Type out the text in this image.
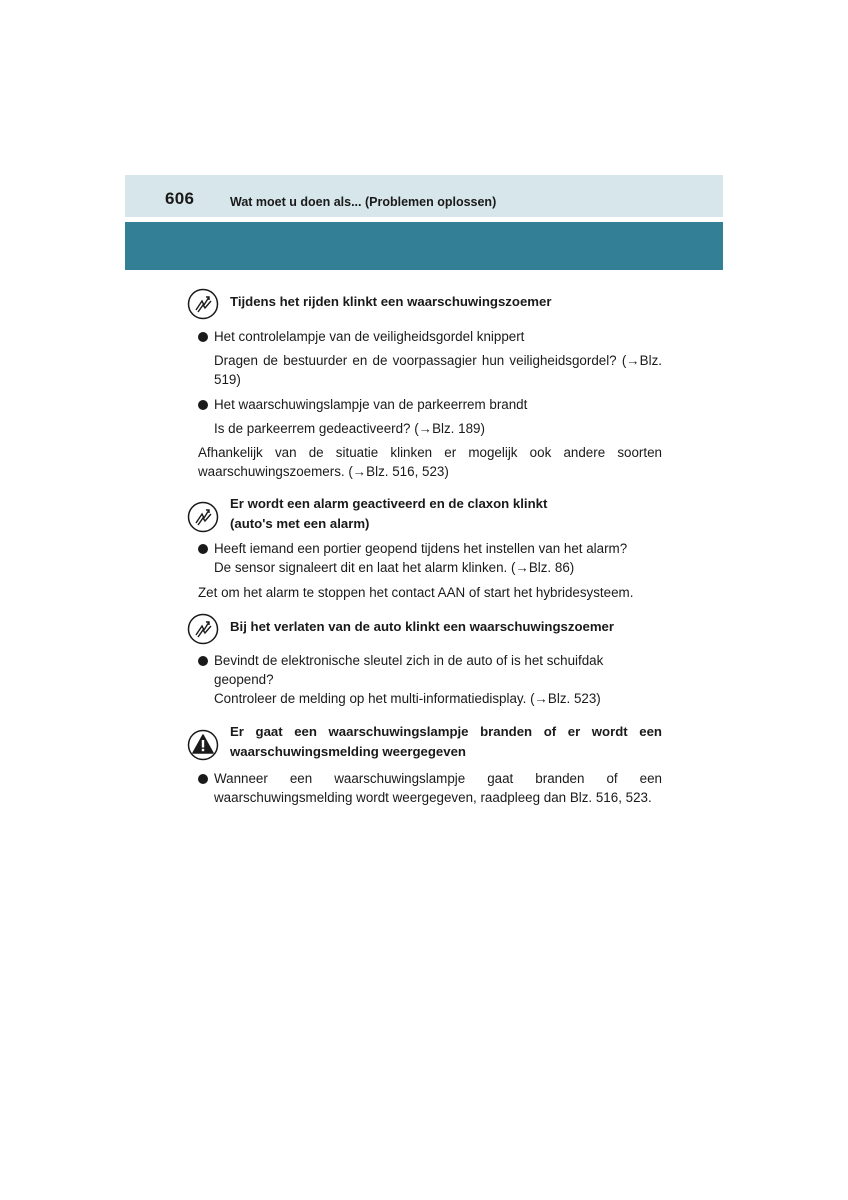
606	Wat moet u doen als... (Problemen oplossen)
Tijdens het rijden klinkt een waarschuwingszoemer
Het controlelampje van de veiligheidsgordel knippert
Dragen de bestuurder en de voorpassagier hun veiligheidsgordel? (→Blz. 519)
Het waarschuwingslampje van de parkeerrem brandt
Is de parkeerrem gedeactiveerd? (→Blz. 189)
Afhankelijk van de situatie klinken er mogelijk ook andere soorten waarschuwingszoemers. (→Blz. 516, 523)
Er wordt een alarm geactiveerd en de claxon klinkt
(auto's met een alarm)
Heeft iemand een portier geopend tijdens het instellen van het alarm?
De sensor signaleert dit en laat het alarm klinken. (→Blz. 86)
Zet om het alarm te stoppen het contact AAN of start het hybridesysteem.
Bij het verlaten van de auto klinkt een waarschuwingszoemer
Bevindt de elektronische sleutel zich in de auto of is het schuifdak geopend?
Controleer de melding op het multi-informatiedisplay. (→Blz. 523)
Er gaat een waarschuwingslampje branden of er wordt een waarschuwingsmelding weergegeven
Wanneer een waarschuwingslampje gaat branden of een waarschuwingsmelding wordt weergegeven, raadpleeg dan Blz. 516, 523.
